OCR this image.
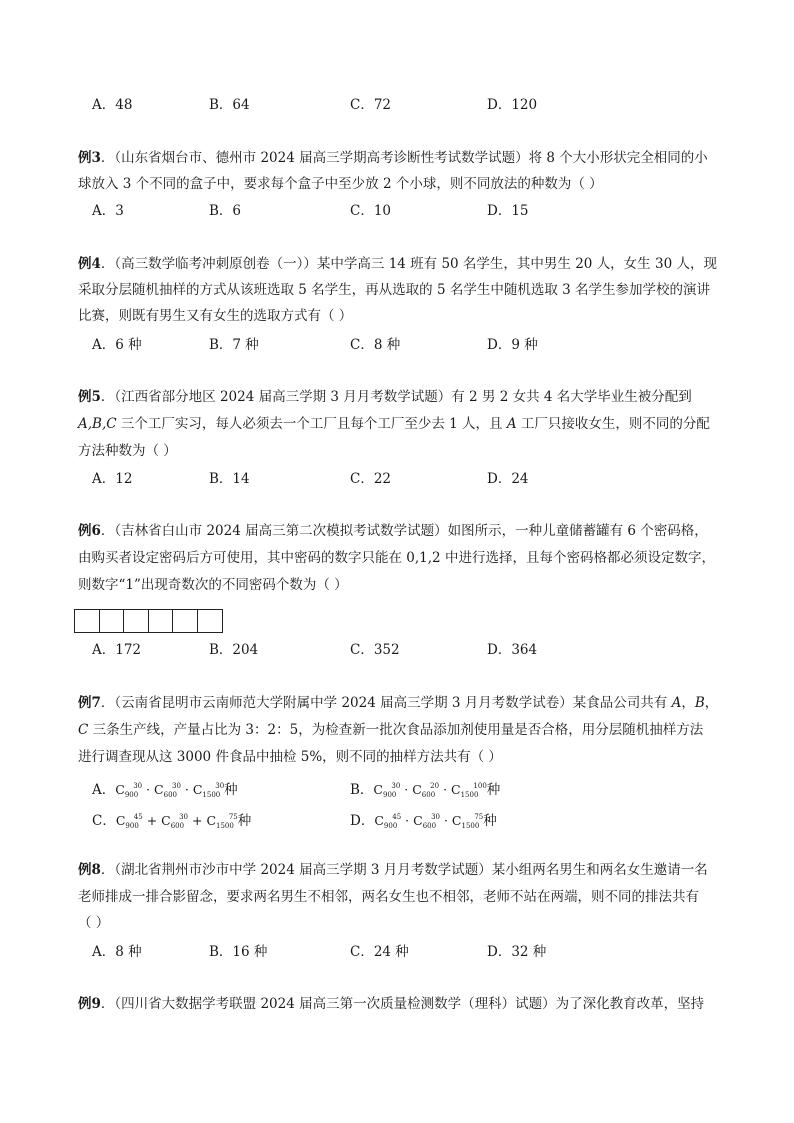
A．48	B．64	C．72	D．120
例3．（山东省烟台市、德州市 2024 届高三学期高考诊断性考试数学试题）将 8 个大小形状完全相同的小
球放入 3 个不同的盒子中，要求每个盒子中至少放 2 个小球，则不同放法的种数为（ ）
A．3	B．6	C．10	D．15
例4．（高三数学临考冲刺原创卷（一））某中学高三 14 班有 50 名学生，其中男生 20 人，女生 30 人，现
采取分层随机抽样的方式从该班选取 5 名学生，再从选取的 5 名学生中随机选取 3 名学生参加学校的演讲
比赛，则既有男生又有女生的选取方式有（ ）
A．6 种	B．7 种	C．8 种	D．9 种
例5．（江西省部分地区 2024 届高三学期 3 月月考数学试题）有 2 男 2 女共 4 名大学毕业生被分配到
A,B,C 三个工厂实习，每人必须去一个工厂且每个工厂至少去 1 人，且 A 工厂只接收女生，则不同的分配
方法种数为（ ）
A．12	B．14	C．22	D．24
例6．（吉林省白山市 2024 届高三第二次模拟考试数学试题）如图所示，一种儿童储蓄罐有 6 个密码格，
由购买者设定密码后方可使用，其中密码的数字只能在 0,1,2 中进行选择，且每个密码格都必须设定数字，
则数字“1”出现奇数次的不同密码个数为（ ）
A．172	B．204	C．352	D．364
例7．（云南省昆明市云南师范大学附属中学 2024 届高三学期 3 月月考数学试卷）某食品公司共有 A，B，
C 三条生产线，产量占比为 3：2：5，为检查新一批次食品添加剂使用量是否合格，用分层随机抽样方法
进行调查现从这 3000 件食品中抽检 5%，则不同的抽样方法共有（ ）
A．$C_{900}^{30} \cdot C_{600}^{30} \cdot C_{1500}^{30}$种	B．$C_{900}^{30} \cdot C_{600}^{20} \cdot C_{1500}^{100}$种
C．$C_{900}^{45} + C_{600}^{30} + C_{1500}^{75}$种	D．$C_{900}^{45} \cdot C_{600}^{30} \cdot C_{1500}^{75}$种
例8．（湖北省荆州市沙市中学 2024 届高三学期 3 月月考数学试题）某小组两名男生和两名女生邀请一名
老师排成一排合影留念，要求两名男生不相邻，两名女生也不相邻，老师不站在两端，则不同的排法共有
（ ）
A．8 种	B．16 种	C．24 种	D．32 种
例9．（四川省大数据学考联盟 2024 届高三第一次质量检测数学（理科）试题）为了深化教育改革，坚持
